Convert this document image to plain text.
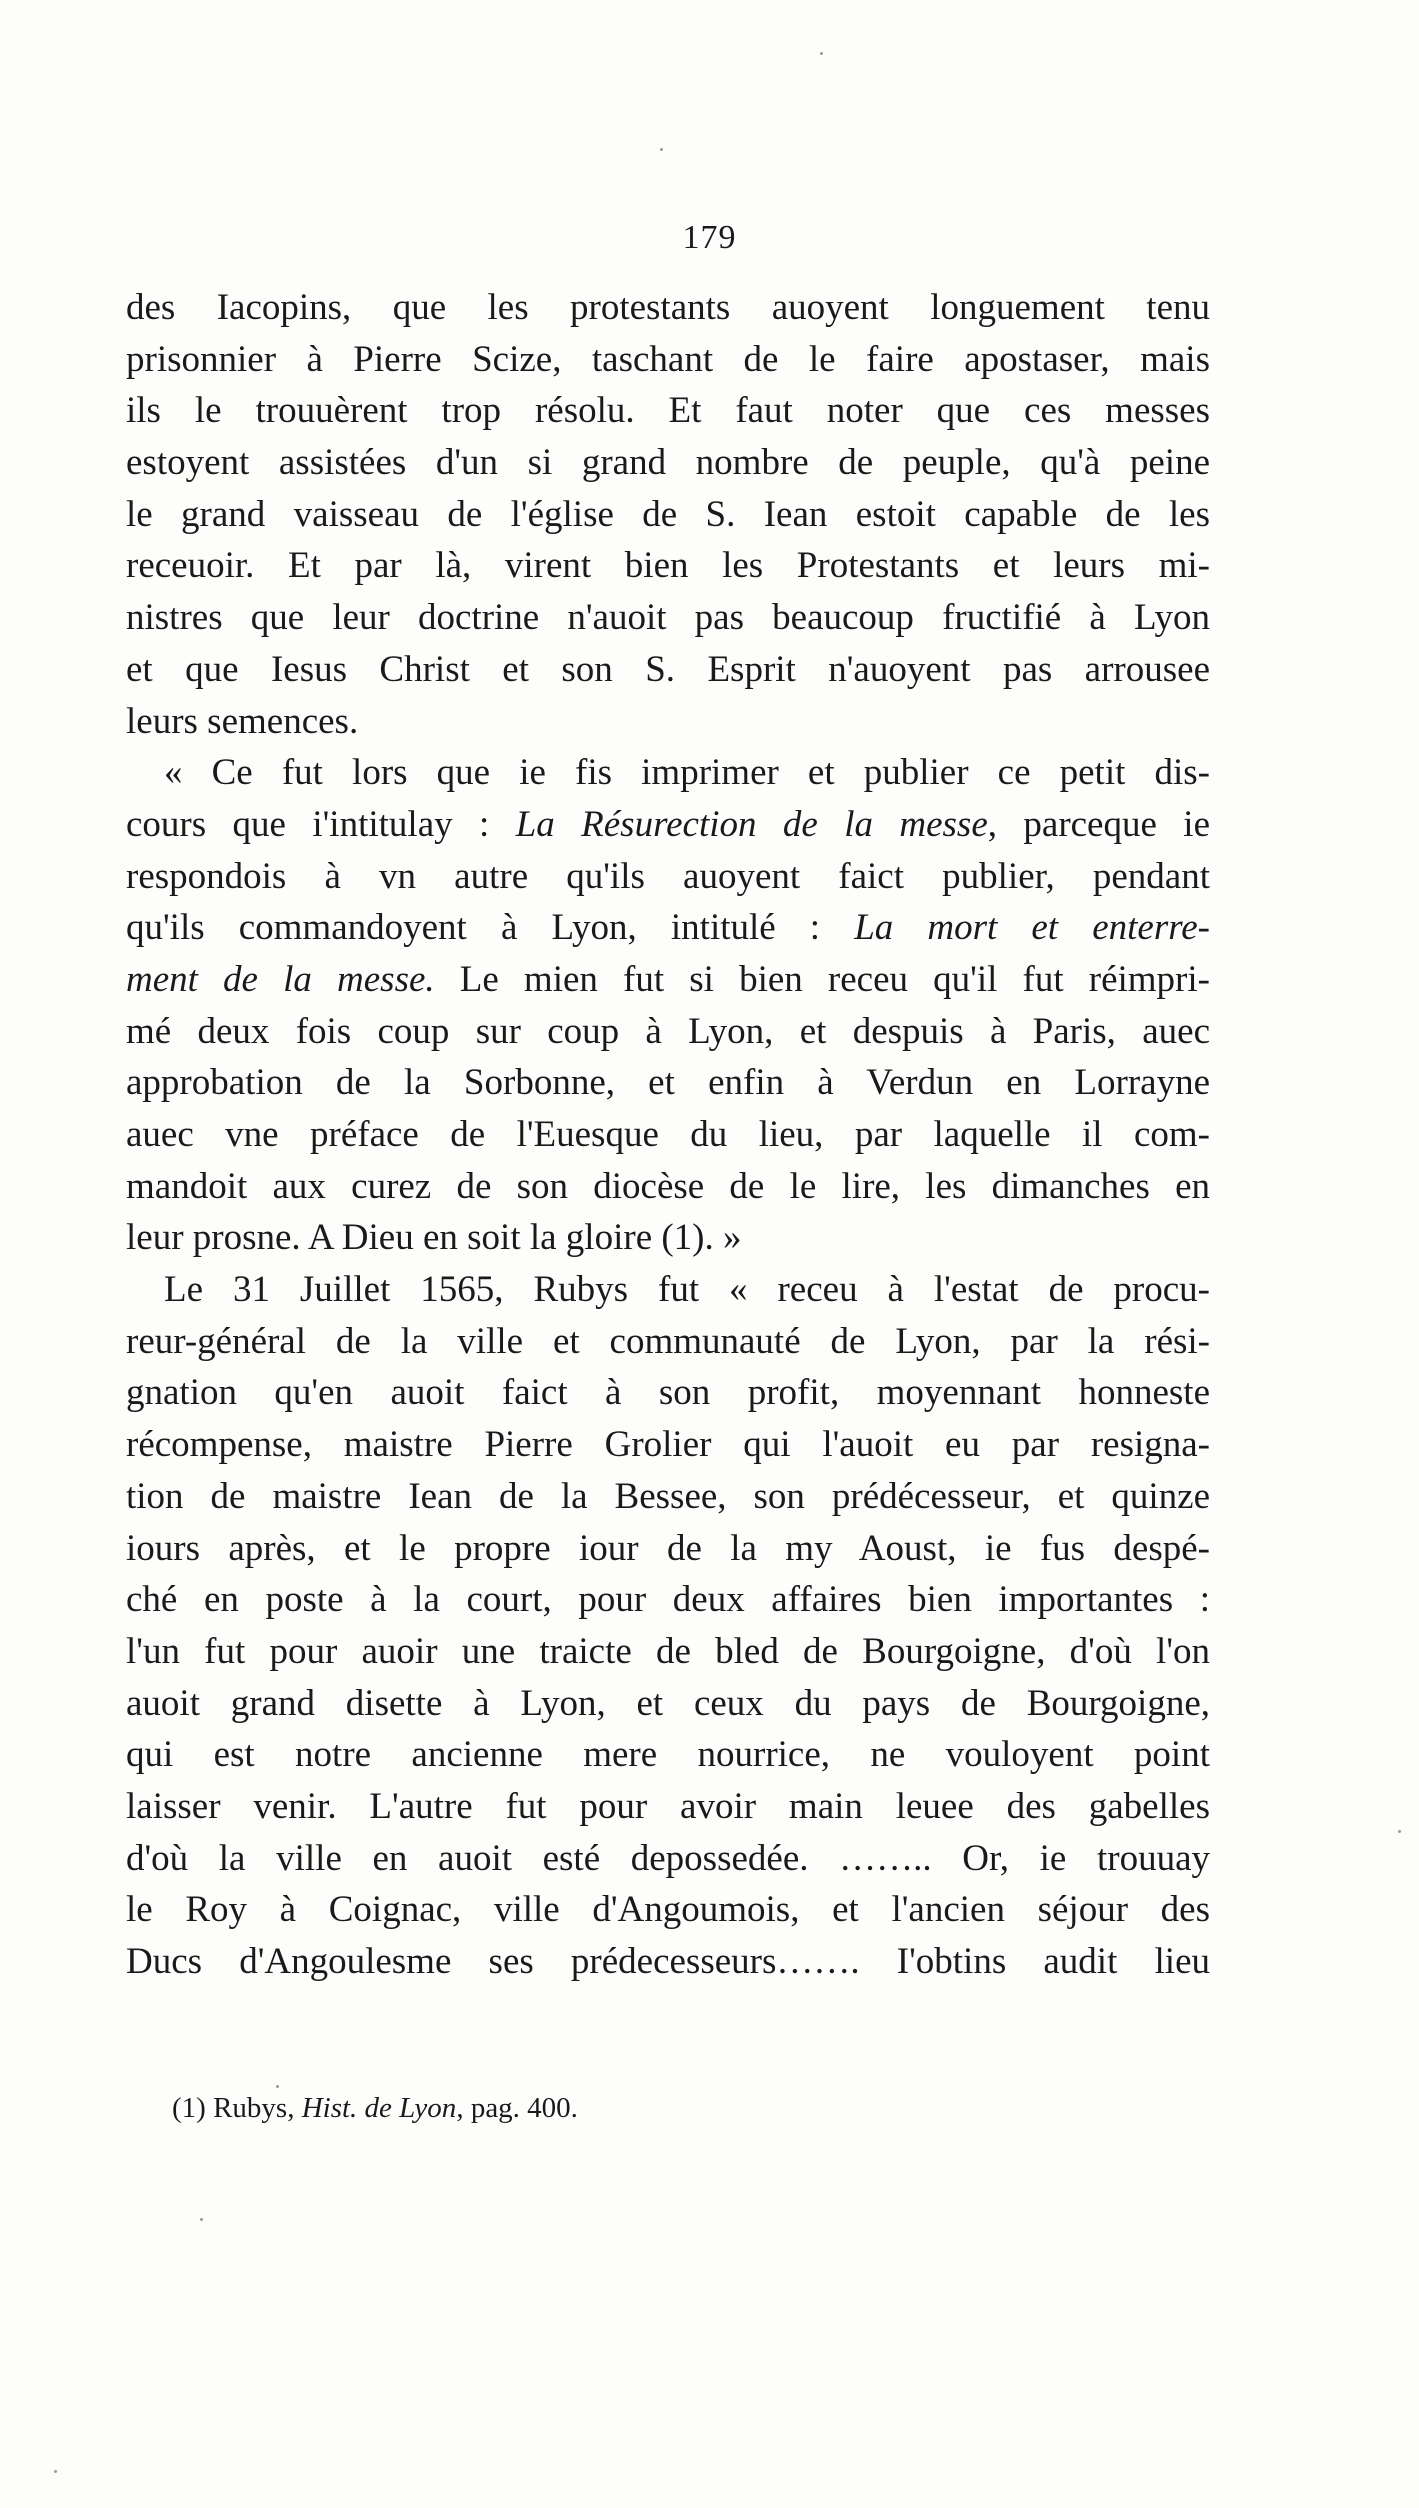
179
des Iacopins, que les protestants auoyent longuement tenu
prisonnier à Pierre Scize, taschant de le faire apostaser, mais
ils le trouuèrent trop résolu. Et faut noter que ces messes
estoyent assistées d'un si grand nombre de peuple, qu'à peine
le grand vaisseau de l'église de S. Iean estoit capable de les
receuoir. Et par là, virent bien les Protestants et leurs mi-
nistres que leur doctrine n'auoit pas beaucoup fructifié à Lyon
et que Iesus Christ et son S. Esprit n'auoyent pas arrousee
leurs semences.
« Ce fut lors que ie fis imprimer et publier ce petit dis-
cours que i'intitulay : La Résurection de la messe, parceque ie
respondois à vn autre qu'ils auoyent faict publier, pendant
qu'ils commandoyent à Lyon, intitulé : La mort et enterre-
ment de la messe. Le mien fut si bien receu qu'il fut réimpri-
mé deux fois coup sur coup à Lyon, et despuis à Paris, auec
approbation de la Sorbonne, et enfin à Verdun en Lorrayne
auec vne préface de l'Euesque du lieu, par laquelle il com-
mandoit aux curez de son diocèse de le lire, les dimanches en
leur prosne. A Dieu en soit la gloire (1). »
Le 31 Juillet 1565, Rubys fut « receu à l'estat de procu-
reur-général de la ville et communauté de Lyon, par la rési-
gnation qu'en auoit faict à son profit, moyennant honneste
récompense, maistre Pierre Grolier qui l'auoit eu par resigna-
tion de maistre Iean de la Bessee, son prédécesseur, et quinze
iours après, et le propre iour de la my Aoust, ie fus despé-
ché en poste à la court, pour deux affaires bien importantes :
l'un fut pour auoir une traicte de bled de Bourgoigne, d'où l'on
auoit grand disette à Lyon, et ceux du pays de Bourgoigne,
qui est notre ancienne mere nourrice, ne vouloyent point
laisser venir. L'autre fut pour avoir main leuee des gabelles
d'où la ville en auoit esté depossedée. …….. Or, ie trouuay
le Roy à Coignac, ville d'Angoumois, et l'ancien séjour des
Ducs d'Angoulesme ses prédecesseurs……. I'obtins audit lieu
(1) Rubys, Hist. de Lyon, pag. 400.
